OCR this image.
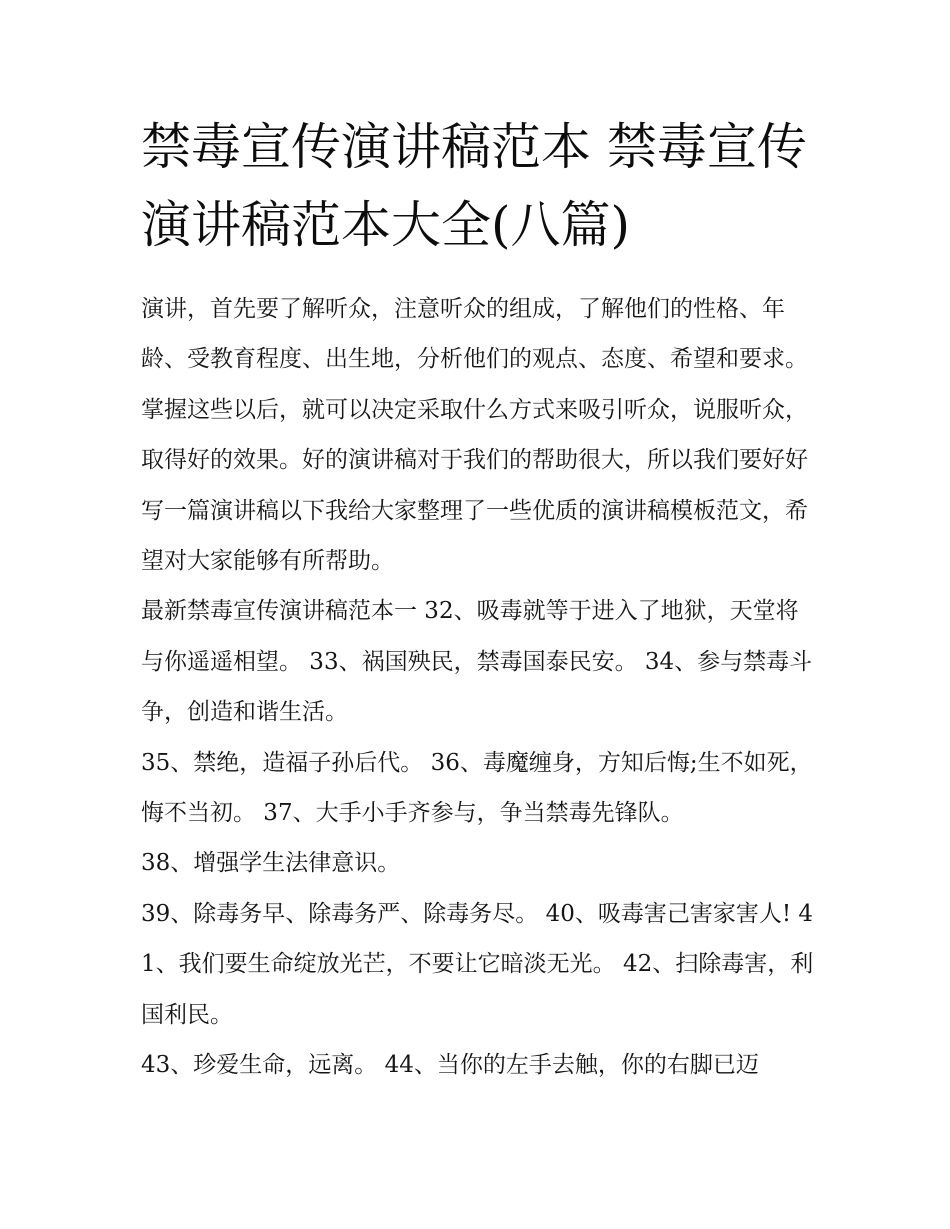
禁毒宣传演讲稿范本 禁毒宣传演讲稿范本大全(八篇)

演讲，首先要了解听众，注意听众的组成，了解他们的性格、年龄、受教育程度、出生地，分析他们的观点、态度、希望和要求。掌握这些以后，就可以决定采取什么方式来吸引听众，说服听众，取得好的效果。好的演讲稿对于我们的帮助很大，所以我们要好好写一篇演讲稿以下我给大家整理了一些优质的演讲稿模板范文，希望对大家能够有所帮助。

最新禁毒宣传演讲稿范本一 32、吸毒就等于进入了地狱，天堂将与你遥遥相望。 33、祸国殃民，禁毒国泰民安。 34、参与禁毒斗争，创造和谐生活。

35、禁绝，造福子孙后代。 36、毒魔缠身，方知后悔;生不如死，悔不当初。 37、大手小手齐参与，争当禁毒先锋队。

38、增强学生法律意识。

39、除毒务早、除毒务严、除毒务尽。 40、吸毒害己害家害人! 41、我们要生命绽放光芒，不要让它暗淡无光。 42、扫除毒害，利国利民。

43、珍爱生命，远离。 44、当你的左手去触，你的右脚已迈
